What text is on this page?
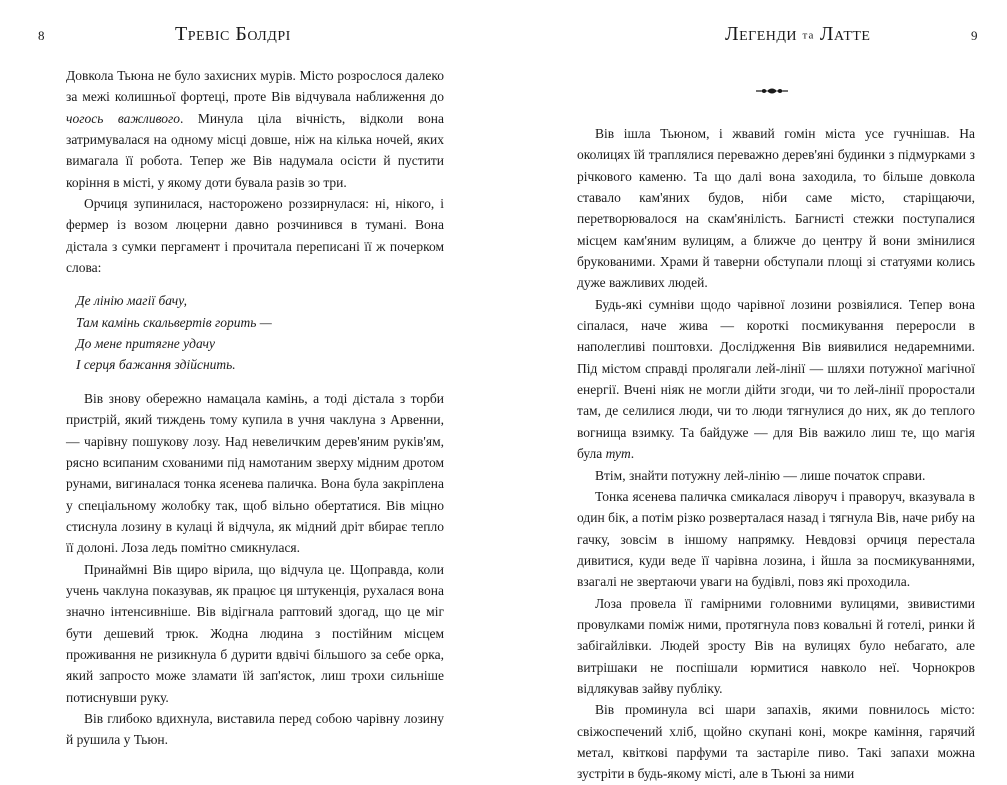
8	Тревіс Болдрі

Довкола Тьюна не було захисних мурів. Місто розрослося далеко за межі колишньої фортеці, проте Вів відчувала наближення до чогось важливого. Минула ціла вічність, відколи вона затримувалася на одному місці довше, ніж на кілька ночей, яких вимагала її робота. Тепер же Вів надумала осісти й пустити коріння в місті, у якому доти бувала разів зо три.

Орчиця зупинилася, насторожено роззирнулася: ні, нікого, і фермер із возом люцерни давно розчинився в тумані. Вона дістала з сумки пергамент і прочитала переписані її ж почерком слова:

Де лінію магії бачу,
Там камінь скальвертів горить —
До мене притягне удачу
І серця бажання здійснить.

Вів знову обережно намацала камінь, а тоді дістала з торби пристрій, який тиждень тому купила в учня чаклуна з Арвенни, — чарівну пошукову лозу. Над невеличким дерев'яним руків'ям, рясно всипаним схованими під намотаним зверху мідним дротом рунами, вигиналася тонка ясенева паличка. Вона була закріплена у спеціальному жолобку так, щоб вільно обертатися. Вів міцно стиснула лозину в кулаці й відчула, як мідний дріт вбирає тепло її долоні. Лоза ледь помітно смикнулася.

Принаймні Вів щиро вірила, що відчула це. Щоправда, коли учень чаклуна показував, як працює ця штукенція, рухалася вона значно інтенсивніше. Вів відігнала раптовий здогад, що це міг бути дешевий трюк. Жодна людина з постійним місцем проживання не ризикнула б дурити вдвічі більшого за себе орка, який запросто може зламати їй зап'ясток, лиш трохи сильніше потиснувши руку.

Вів глибоко вдихнула, виставила перед собою чарівну лозину й рушила у Тьюн.

Легенди та Латте	9

Вів ішла Тьюном, і жвавий гомін міста усе гучнішав. На околицях їй траплялися переважно дерев'яні будинки з підмурками з річкового каменю. Та що далі вона заходила, то більше довкола ставало кам'яних будов, ніби саме місто, старіщаючи, перетворювалося на скам'янілість. Багнисті стежки поступалися місцем кам'яним вулицям, а ближче до центру й вони змінилися брукованими. Храми й таверни обступали площі зі статуями колись дуже важливих людей.

Будь-які сумніви щодо чарівної лозини розвіялися. Тепер вона сіпалася, наче жива — короткі посмикування переросли в наполегливі поштовхи. Дослідження Вів виявилися недаремними. Під містом справді пролягали лей-лінії — шляхи потужної магічної енергії. Вчені ніяк не могли дійти згоди, чи то лей-лінії проростали там, де селилися люди, чи то люди тягнулися до них, як до теплого вогнища взимку. Та байдуже — для Вів важило лиш те, що магія була тут.

Втім, знайти потужну лей-лінію — лише початок справи.

Тонка ясенева паличка смикалася ліворуч і праворуч, вказувала в один бік, а потім різко розверталася назад і тягнула Вів, наче рибу на гачку, зовсім в іншому напрямку. Невдовзі орчиця перестала дивитися, куди веде її чарівна лозина, і йшла за посмикуваннями, взагалі не звертаючи уваги на будівлі, повз які проходила.

Лоза провела її гамірними головними вулицями, звивистими провулками поміж ними, протягнула повз ковальні й готелі, ринки й забігайлівки. Людей зросту Вів на вулицях було небагато, але витрішаки не поспішали юрмитися навколо неї. Чорнокров відлякував зайву публіку.

Вів проминула всі шари запахів, якими повнилось місто: свіжоспечений хліб, щойно скупані коні, мокре каміння, гарячий метал, квіткові парфуми та застарілe пиво. Такі запахи можна зустріти в будь-якому місті, але в Тьюні за ними
